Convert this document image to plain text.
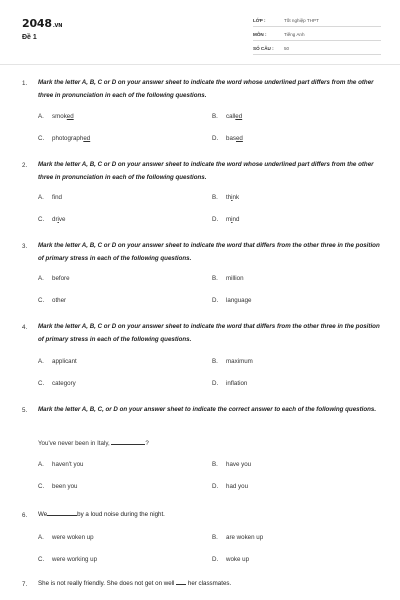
2048.VN
Đề 1
LỚP :	Tốt nghiệp THPT
MÔN :	Tiếng Anh
SỐ CÂU : 50
1. Mark the letter A, B, C or D on your answer sheet to indicate the word whose underlined part differs from the other three in pronunciation in each of the following questions.
A. smoked	B. called
C. photographed	D. based
2. Mark the letter A, B, C or D on your answer sheet to indicate the word whose underlined part differs from the other three in pronunciation in each of the following questions.
A. find	B. think
C. drive	D. mind
3. Mark the letter A, B, C or D on your answer sheet to indicate the word that differs from the other three in the position of primary stress in each of the following questions.
A. before	B. million
C. other	D. language
4. Mark the letter A, B, C or D on your answer sheet to indicate the word that differs from the other three in the position of primary stress in each of the following questions.
A. applicant	B. maximum
C. category	D. inflation
5. Mark the letter A, B, C, or D on your answer sheet to indicate the correct answer to each of the following questions.
You've never been in Italy,	?
A. haven't you	B. have you
C. been you	D. had you
6. We	by a loud noise during the night.
A. were woken up	B. are woken up
C. were working up	D. woke up
7. She is not really friendly. She does not get on well  her classmates.
